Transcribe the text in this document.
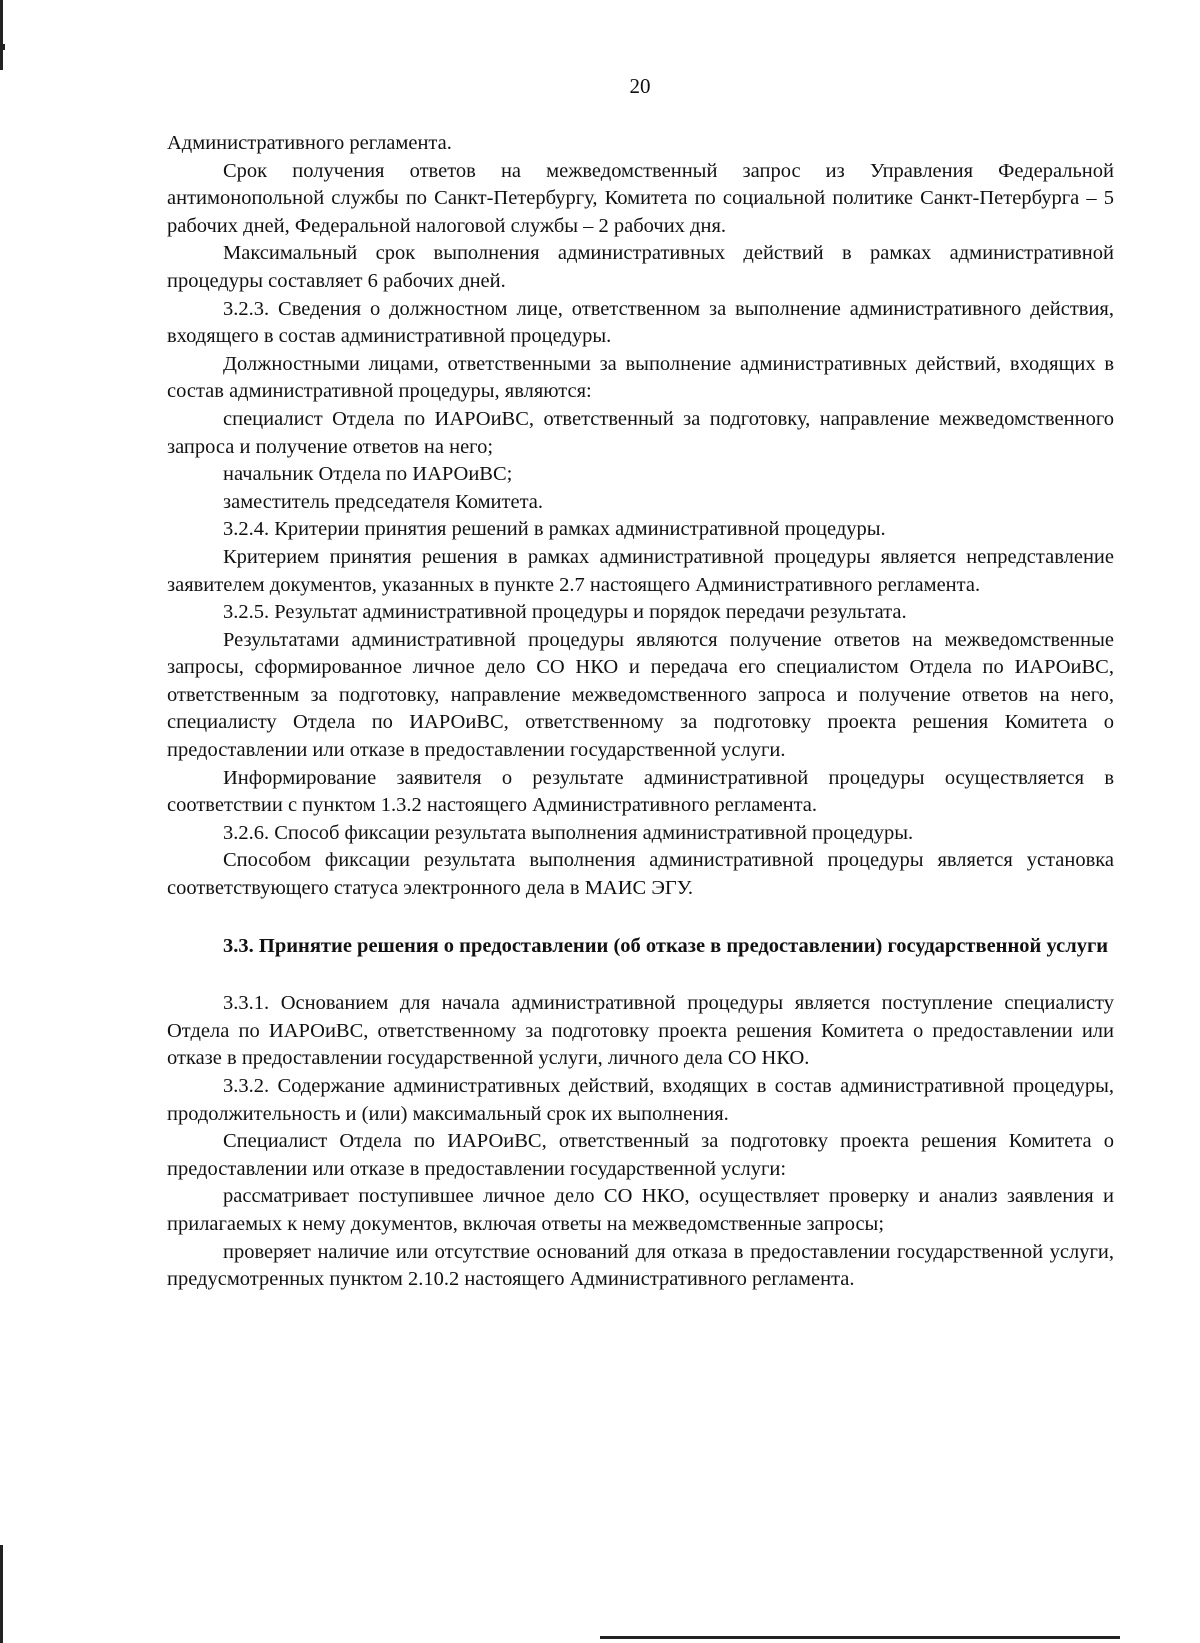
20

Административного регламента.

Срок получения ответов на межведомственный запрос из Управления Федеральной антимонопольной службы по Санкт-Петербургу, Комитета по социальной политике Санкт-Петербурга – 5 рабочих дней, Федеральной налоговой службы – 2 рабочих дня.

Максимальный срок выполнения административных действий в рамках административной процедуры составляет 6 рабочих дней.

3.2.3. Сведения о должностном лице, ответственном за выполнение административного действия, входящего в состав административной процедуры.

Должностными лицами, ответственными за выполнение административных действий, входящих в состав административной процедуры, являются:

специалист Отдела по ИАРОиВС, ответственный за подготовку, направление межведомственного запроса и получение ответов на него;

начальник Отдела по ИАРОиВС;

заместитель председателя Комитета.

3.2.4. Критерии принятия решений в рамках административной процедуры.

Критерием принятия решения в рамках административной процедуры является непредставление заявителем документов, указанных в пункте 2.7 настоящего Административного регламента.

3.2.5. Результат административной процедуры и порядок передачи результата.

Результатами административной процедуры являются получение ответов на межведомственные запросы, сформированное личное дело СО НКО и передача его специалистом Отдела по ИАРОиВС, ответственным за подготовку, направление межведомственного запроса и получение ответов на него, специалисту Отдела по ИАРОиВС, ответственному за подготовку проекта решения Комитета о предоставлении или отказе в предоставлении государственной услуги.

Информирование заявителя о результате административной процедуры осуществляется в соответствии с пунктом 1.3.2 настоящего Административного регламента.

3.2.6. Способ фиксации результата выполнения административной процедуры.

Способом фиксации результата выполнения административной процедуры является установка соответствующего статуса электронного дела в МАИС ЭГУ.

3.3. Принятие решения о предоставлении (об отказе в предоставлении) государственной услуги

3.3.1. Основанием для начала административной процедуры является поступление специалисту Отдела по ИАРОиВС, ответственному за подготовку проекта решения Комитета о предоставлении или отказе в предоставлении государственной услуги, личного дела СО НКО.

3.3.2. Содержание административных действий, входящих в состав административной процедуры, продолжительность и (или) максимальный срок их выполнения.

Специалист Отдела по ИАРОиВС, ответственный за подготовку проекта решения Комитета о предоставлении или отказе в предоставлении государственной услуги:

рассматривает поступившее личное дело СО НКО, осуществляет проверку и анализ заявления и прилагаемых к нему документов, включая ответы на межведомственные запросы;

проверяет наличие или отсутствие оснований для отказа в предоставлении государственной услуги, предусмотренных пунктом 2.10.2 настоящего Административного регламента.
